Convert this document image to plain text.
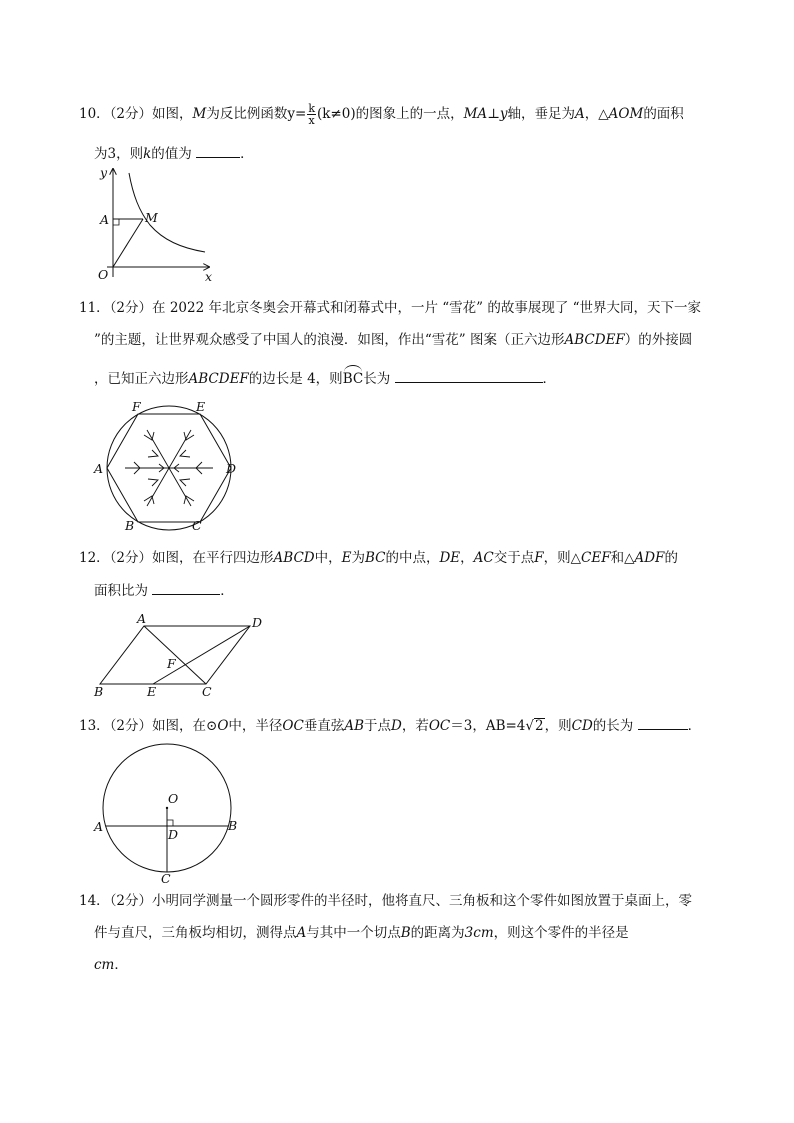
10．（2分）如图，M为反比例函数$y= \frac{k}{x} (k\ne 0)$的图象上的一点，MA⊥y轴，垂足为A，△AOM的面积
为3，则k的值为	．
y
x
A	M
O
11．（2分）在 2022 年北京冬奥会开幕式和闭幕式中，一片 “雪花” 的故事展现了 “世界大同，天下一家
”的主题，让世界观众感受了中国人的浪漫．如图，作出“雪花” 图案（正六边形ABCDEF）的外接圆
，已知正六边形ABCDEF的边长是 4，则BC长为	．
F	E
A	D
B	C
12．（2分）如图，在平行四边形ABCD中，E为BC的中点，DE，AC交于点F，则△CEF和△ADF的
面积比为	．
A	D
F
B	E	C
13．（2分）如图，在⊙O中，半径OC垂直弦AB于点D，若OC＝3，AB=4√2，则CD的长为	．
O
A	B
D
C
14．（2分）小明同学测量一个圆形零件的半径时，他将直尺、三角板和这个零件如图放置于桌面上，零
件与直尺，三角板均相切，测得点A与其中一个切点B的距离为3cm，则这个零件的半径是
cm．
